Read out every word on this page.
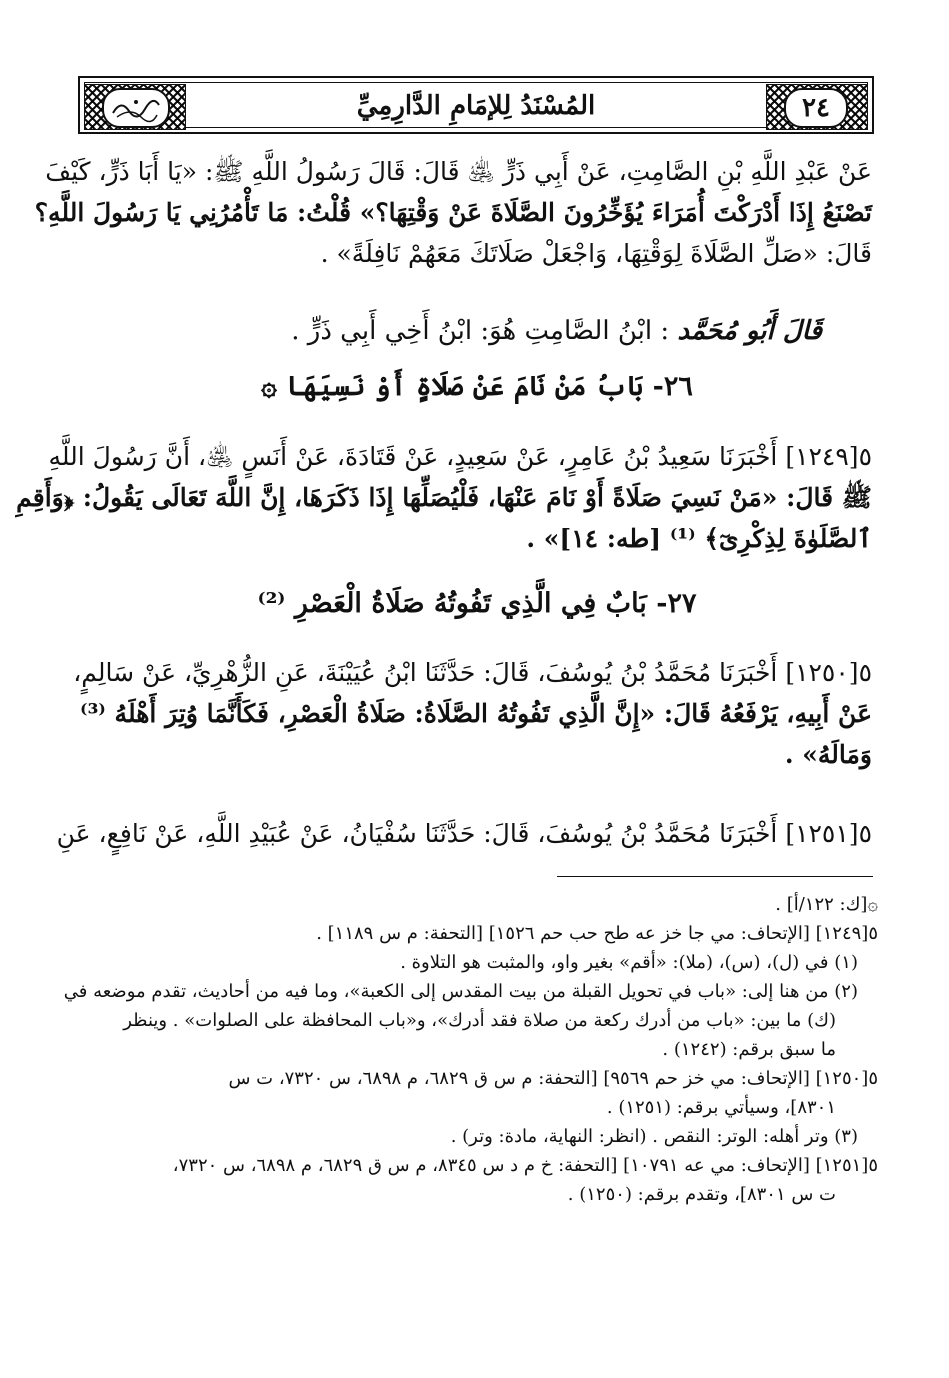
٢٤
المُسْنَدُ لِلإمَامِ الدَّارِمِيِّ
عَنْ عَبْدِ اللَّهِ بْنِ الصَّامِتِ، عَنْ أَبِي ذَرٍّ ﵁ قَالَ: قَالَ رَسُولُ اللَّهِ ﷺ: «يَا أَبَا ذَرٍّ، كَيْفَ
تَصْنَعُ إِذَا أَدْرَكْتَ أُمَرَاءَ يُؤَخِّرُونَ الصَّلَاةَ عَنْ وَقْتِهَا؟» قُلْتُ: مَا تَأْمُرُنِي يَا رَسُولَ اللَّهِ؟
قَالَ: «صَلِّ الصَّلَاةَ لِوَقْتِهَا، وَاجْعَلْ صَلَاتَكَ مَعَهُمْ نَافِلَةً» .
قَالَ أَبُو مُحَمَّد : ابْنُ الصَّامِتِ هُوَ: ابْنُ أَخِي أَبِي ذَرٍّ .
٢٦- بَابُ مَنْ نَامَ عَنْ صَلَاةٍ أَوْ نَسِيَهَا ۞
٥[١٢٤٩] أَخْبَرَنَا سَعِيدُ بْنُ عَامِرٍ، عَنْ سَعِيدٍ، عَنْ قَتَادَةَ، عَنْ أَنَسٍ ﵁، أَنَّ رَسُولَ اللَّهِ
ﷺ قَالَ: «مَنْ نَسِيَ صَلَاةً أَوْ نَامَ عَنْهَا، فَلْيُصَلِّهَا إِذَا ذَكَرَهَا، إِنَّ اللَّهَ تَعَالَى يَقُولُ: ﴿وَأَقِمِ
ٱلصَّلَوٰةَ لِذِكْرِىٓ﴾ ⁽¹⁾ [طه: ١٤]» .
٢٧- بَابٌ فِي الَّذِي تَفُوتُهُ صَلَاةُ الْعَصْرِ ⁽²⁾
٥[١٢٥٠] أَخْبَرَنَا مُحَمَّدُ بْنُ يُوسُفَ، قَالَ: حَدَّثَنَا ابْنُ عُيَيْنَةَ، عَنِ الزُّهْرِيِّ، عَنْ سَالِمٍ،
عَنْ أَبِيهِ، يَرْفَعُهُ قَالَ: «إِنَّ الَّذِي تَفُوتُهُ الصَّلَاةُ: صَلَاةُ الْعَصْرِ، فَكَأَنَّمَا وُتِرَ أَهْلَهُ ⁽³⁾
وَمَالَهُ» .
٥[١٢٥١] أَخْبَرَنَا مُحَمَّدُ بْنُ يُوسُفَ، قَالَ: حَدَّثَنَا سُفْيَانُ، عَنْ عُبَيْدِ اللَّهِ، عَنْ نَافِعٍ، عَنِ
۞[ك: ١٢٢/أ] .
٥[١٢٤٩] [الإتحاف: مي جا خز عه طح حب حم ١٥٢٦] [التحفة: م س ١١٨٩] .
(١) في (ل)، (س)، (ملا): «أقم» بغير واو، والمثبت هو التلاوة .
(٢) من هنا إلى: «باب في تحويل القبلة من بيت المقدس إلى الكعبة»، وما فيه من أحاديث، تقدم موضعه في
(ك) ما بين: «باب من أدرك ركعة من صلاة فقد أدرك»، و«باب المحافظة على الصلوات» . وينظر
ما سبق برقم: (١٢٤٢) .
٥[١٢٥٠] [الإتحاف: مي خز حم ٩٥٦٩] [التحفة: م س ق ٦٨٢٩، م ٦٨٩٨، س ٧٣٢٠، ت س
٨٣٠١]، وسيأتي برقم: (١٢٥١) .
(٣) وتر أهله: الوتر: النقص . (انظر: النهاية، مادة: وتر) .
٥[١٢٥١] [الإتحاف: مي عه ١٠٧٩١] [التحفة: خ م د س ٨٣٤٥، م س ق ٦٨٢٩، م ٦٨٩٨، س ٧٣٢٠،
ت س ٨٣٠١]، وتقدم برقم: (١٢٥٠) .
